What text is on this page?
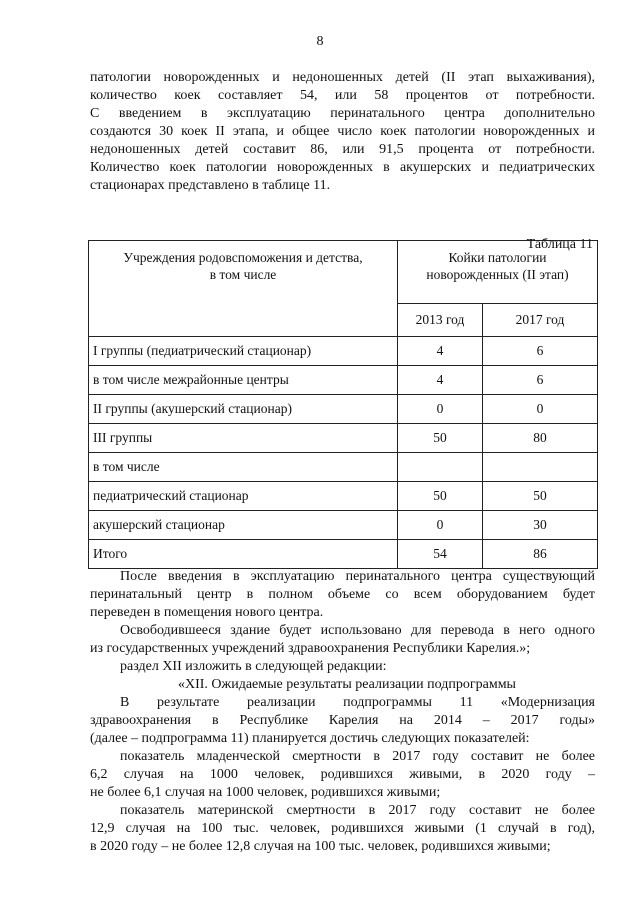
8
патологии новорожденных и недоношенных детей (II этап выхаживания),
количество коек составляет 54, или 58 процентов от потребности.
С введением в эксплуатацию перинатального центра дополнительно
создаются 30 коек II этапа, и общее число коек патологии новорожденных и
недоношенных детей составит 86, или 91,5 процента от потребности.
Количество коек патологии новорожденных в акушерских и педиатрических
стационарах представлено в таблице 11.
Таблица 11
Учреждения родовспоможения и детства,
в том числе	Койки патологии
новорожденных (II этап)	

	2013 год	2017 год
I группы (педиатрический стационар)	4	6
в том числе межрайонные центры	4	6
II группы (акушерский стационар)	0	0
III группы	50	80
в том числе		
педиатрический стационар	50	50
акушерский стационар	0	30
Итого	54	86
После введения в эксплуатацию перинатального центра существующий
перинатальный центр в полном объеме со всем оборудованием будет
переведен в помещения нового центра.
Освободившееся здание будет использовано для перевода в него одного
из государственных учреждений здравоохранения Республики Карелия.»;
раздел XII изложить в следующей редакции:
«XII. Ожидаемые результаты реализации подпрограммы
В результате реализации подпрограммы 11 «Модернизация
здравоохранения в Республике Карелия на 2014 – 2017 годы»
(далее – подпрограмма 11) планируется достичь следующих показателей:
показатель младенческой смертности в 2017 году составит не более
6,2 случая на 1000 человек, родившихся живыми, в 2020 году –
не более 6,1 случая на 1000 человек, родившихся живыми;
показатель материнской смертности в 2017 году составит не более
12,9 случая на 100 тыс. человек, родившихся живыми (1 случай в год),
в 2020 году – не более 12,8 случая на 100 тыс. человек, родившихся живыми;
